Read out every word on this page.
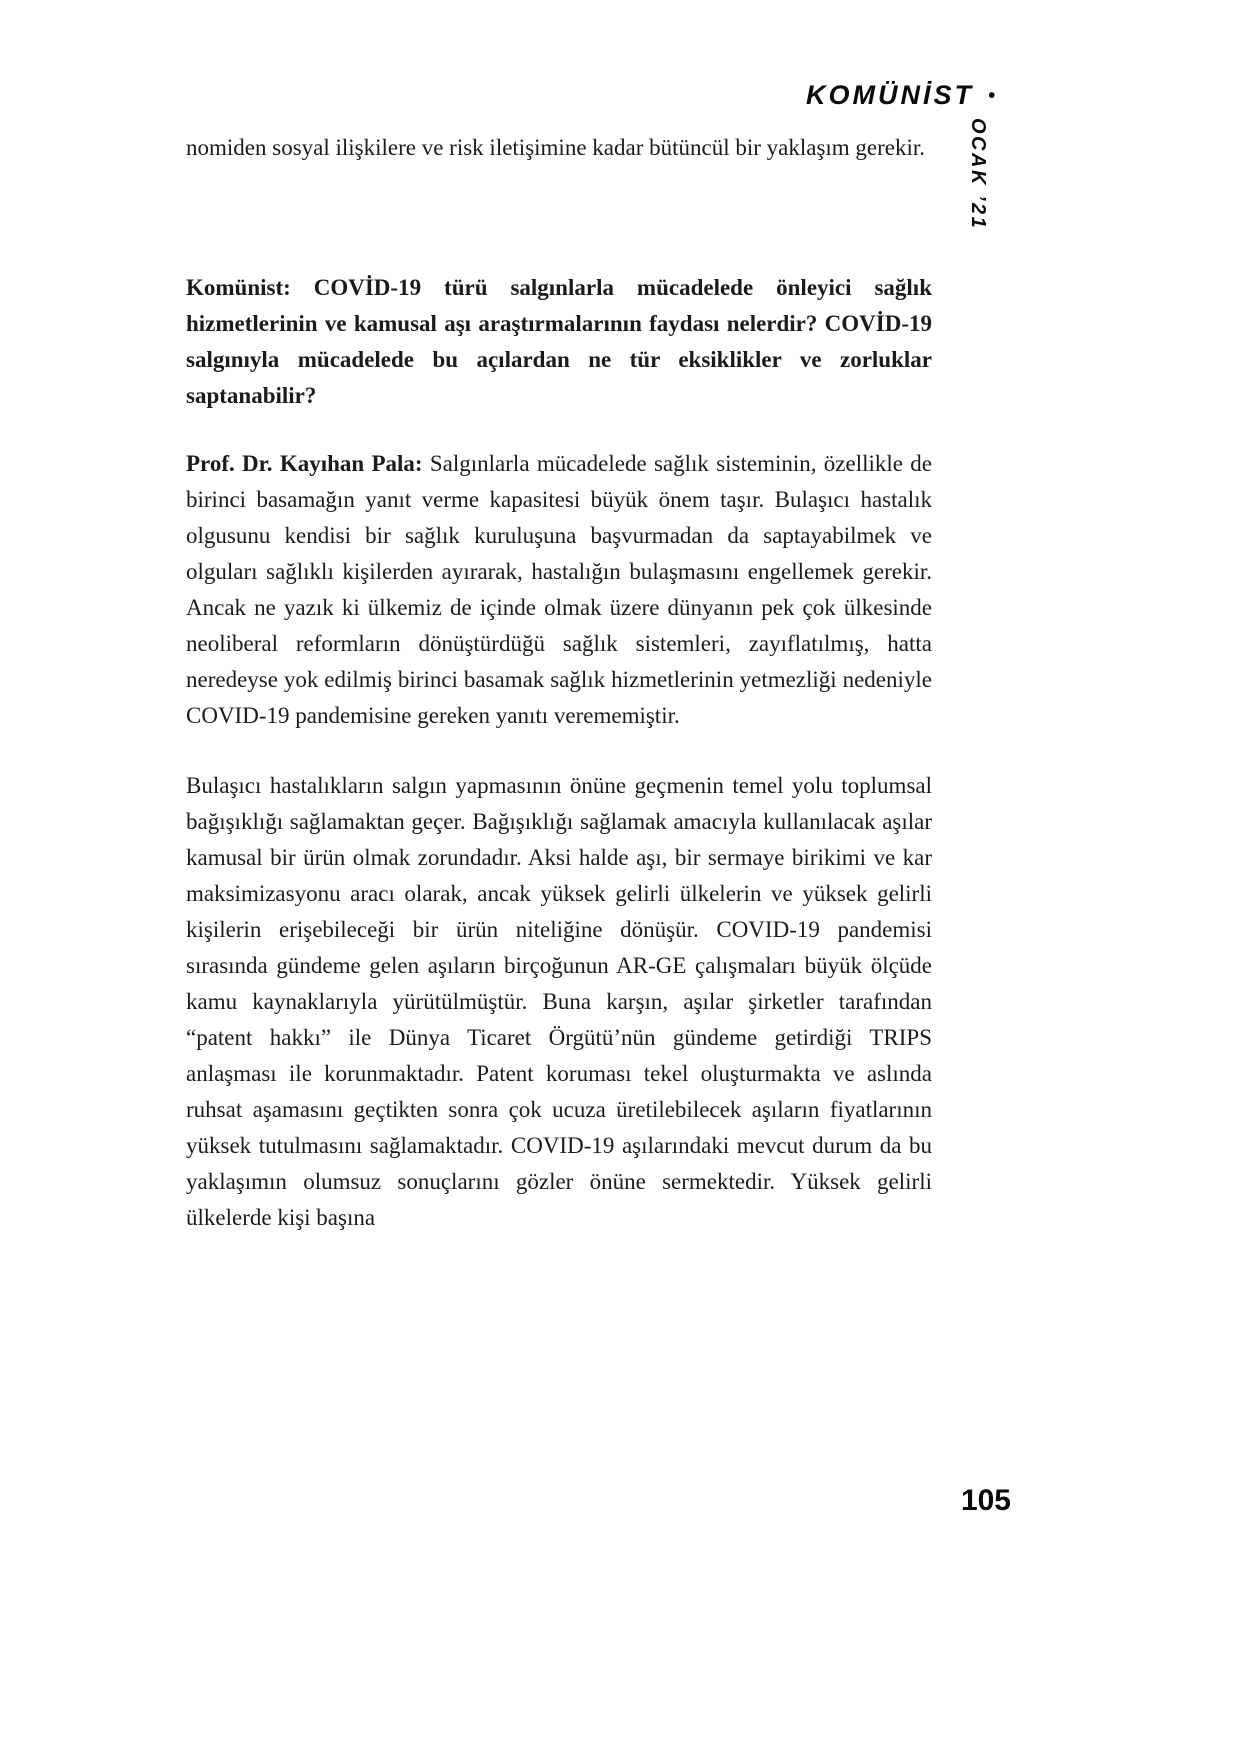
KOMÜNİST •
OCAK ’21

nomiden sosyal ilişkilere ve risk iletişimine kadar bütüncül bir yaklaşım gerekir.

Komünist: COVİD-19 türü salgınlarla mücadelede önleyici sağlık hizmetlerinin ve kamusal aşı araştırmalarının faydası nelerdir? COVİD-19 salgınıyla mücadelede bu açılardan ne tür eksiklikler ve zorluklar saptanabilir?

Prof. Dr. Kayıhan Pala: Salgınlarla mücadelede sağlık sisteminin, özellikle de birinci basamağın yanıt verme kapasitesi büyük önem taşır. Bulaşıcı hastalık olgusunu kendisi bir sağlık kuruluşuna başvurmadan da saptayabilmek ve olguları sağlıklı kişilerden ayırarak, hastalığın bulaşmasını engellemek gerekir. Ancak ne yazık ki ülkemiz de içinde olmak üzere dünyanın pek çok ülkesinde neoliberal reformların dönüştürdüğü sağlık sistemleri, zayıflatılmış, hatta neredeyse yok edilmiş birinci basamak sağlık hizmetlerinin yetmezliği nedeniyle COVID-19 pandemisine gereken yanıtı verememiştir.

Bulaşıcı hastalıkların salgın yapmasının önüne geçmenin temel yolu toplumsal bağışıklığı sağlamaktan geçer. Bağışıklığı sağlamak amacıyla kullanılacak aşılar kamusal bir ürün olmak zorundadır. Aksi halde aşı, bir sermaye birikimi ve kar maksimizasyonu aracı olarak, ancak yüksek gelirli ülkelerin ve yüksek gelirli kişilerin erişebileceği bir ürün niteliğine dönüşür. COVID-19 pandemisi sırasında gündeme gelen aşıların birçoğunun AR-GE çalışmaları büyük ölçüde kamu kaynaklarıyla yürütülmüştür. Buna karşın, aşılar şirketler tarafından “patent hakkı” ile Dünya Ticaret Örgütü’nün gündeme getirdiği TRIPS anlaşması ile korunmaktadır. Patent koruması tekel oluşturmakta ve aslında ruhsat aşamasını geçtikten sonra çok ucuza üretilebilecek aşıların fiyatlarının yüksek tutulmasını sağlamaktadır. COVID-19 aşılarındaki mevcut durum da bu yaklaşımın olumsuz sonuçlarını gözler önüne sermektedir. Yüksek gelirli ülkelerde kişi başına

105
